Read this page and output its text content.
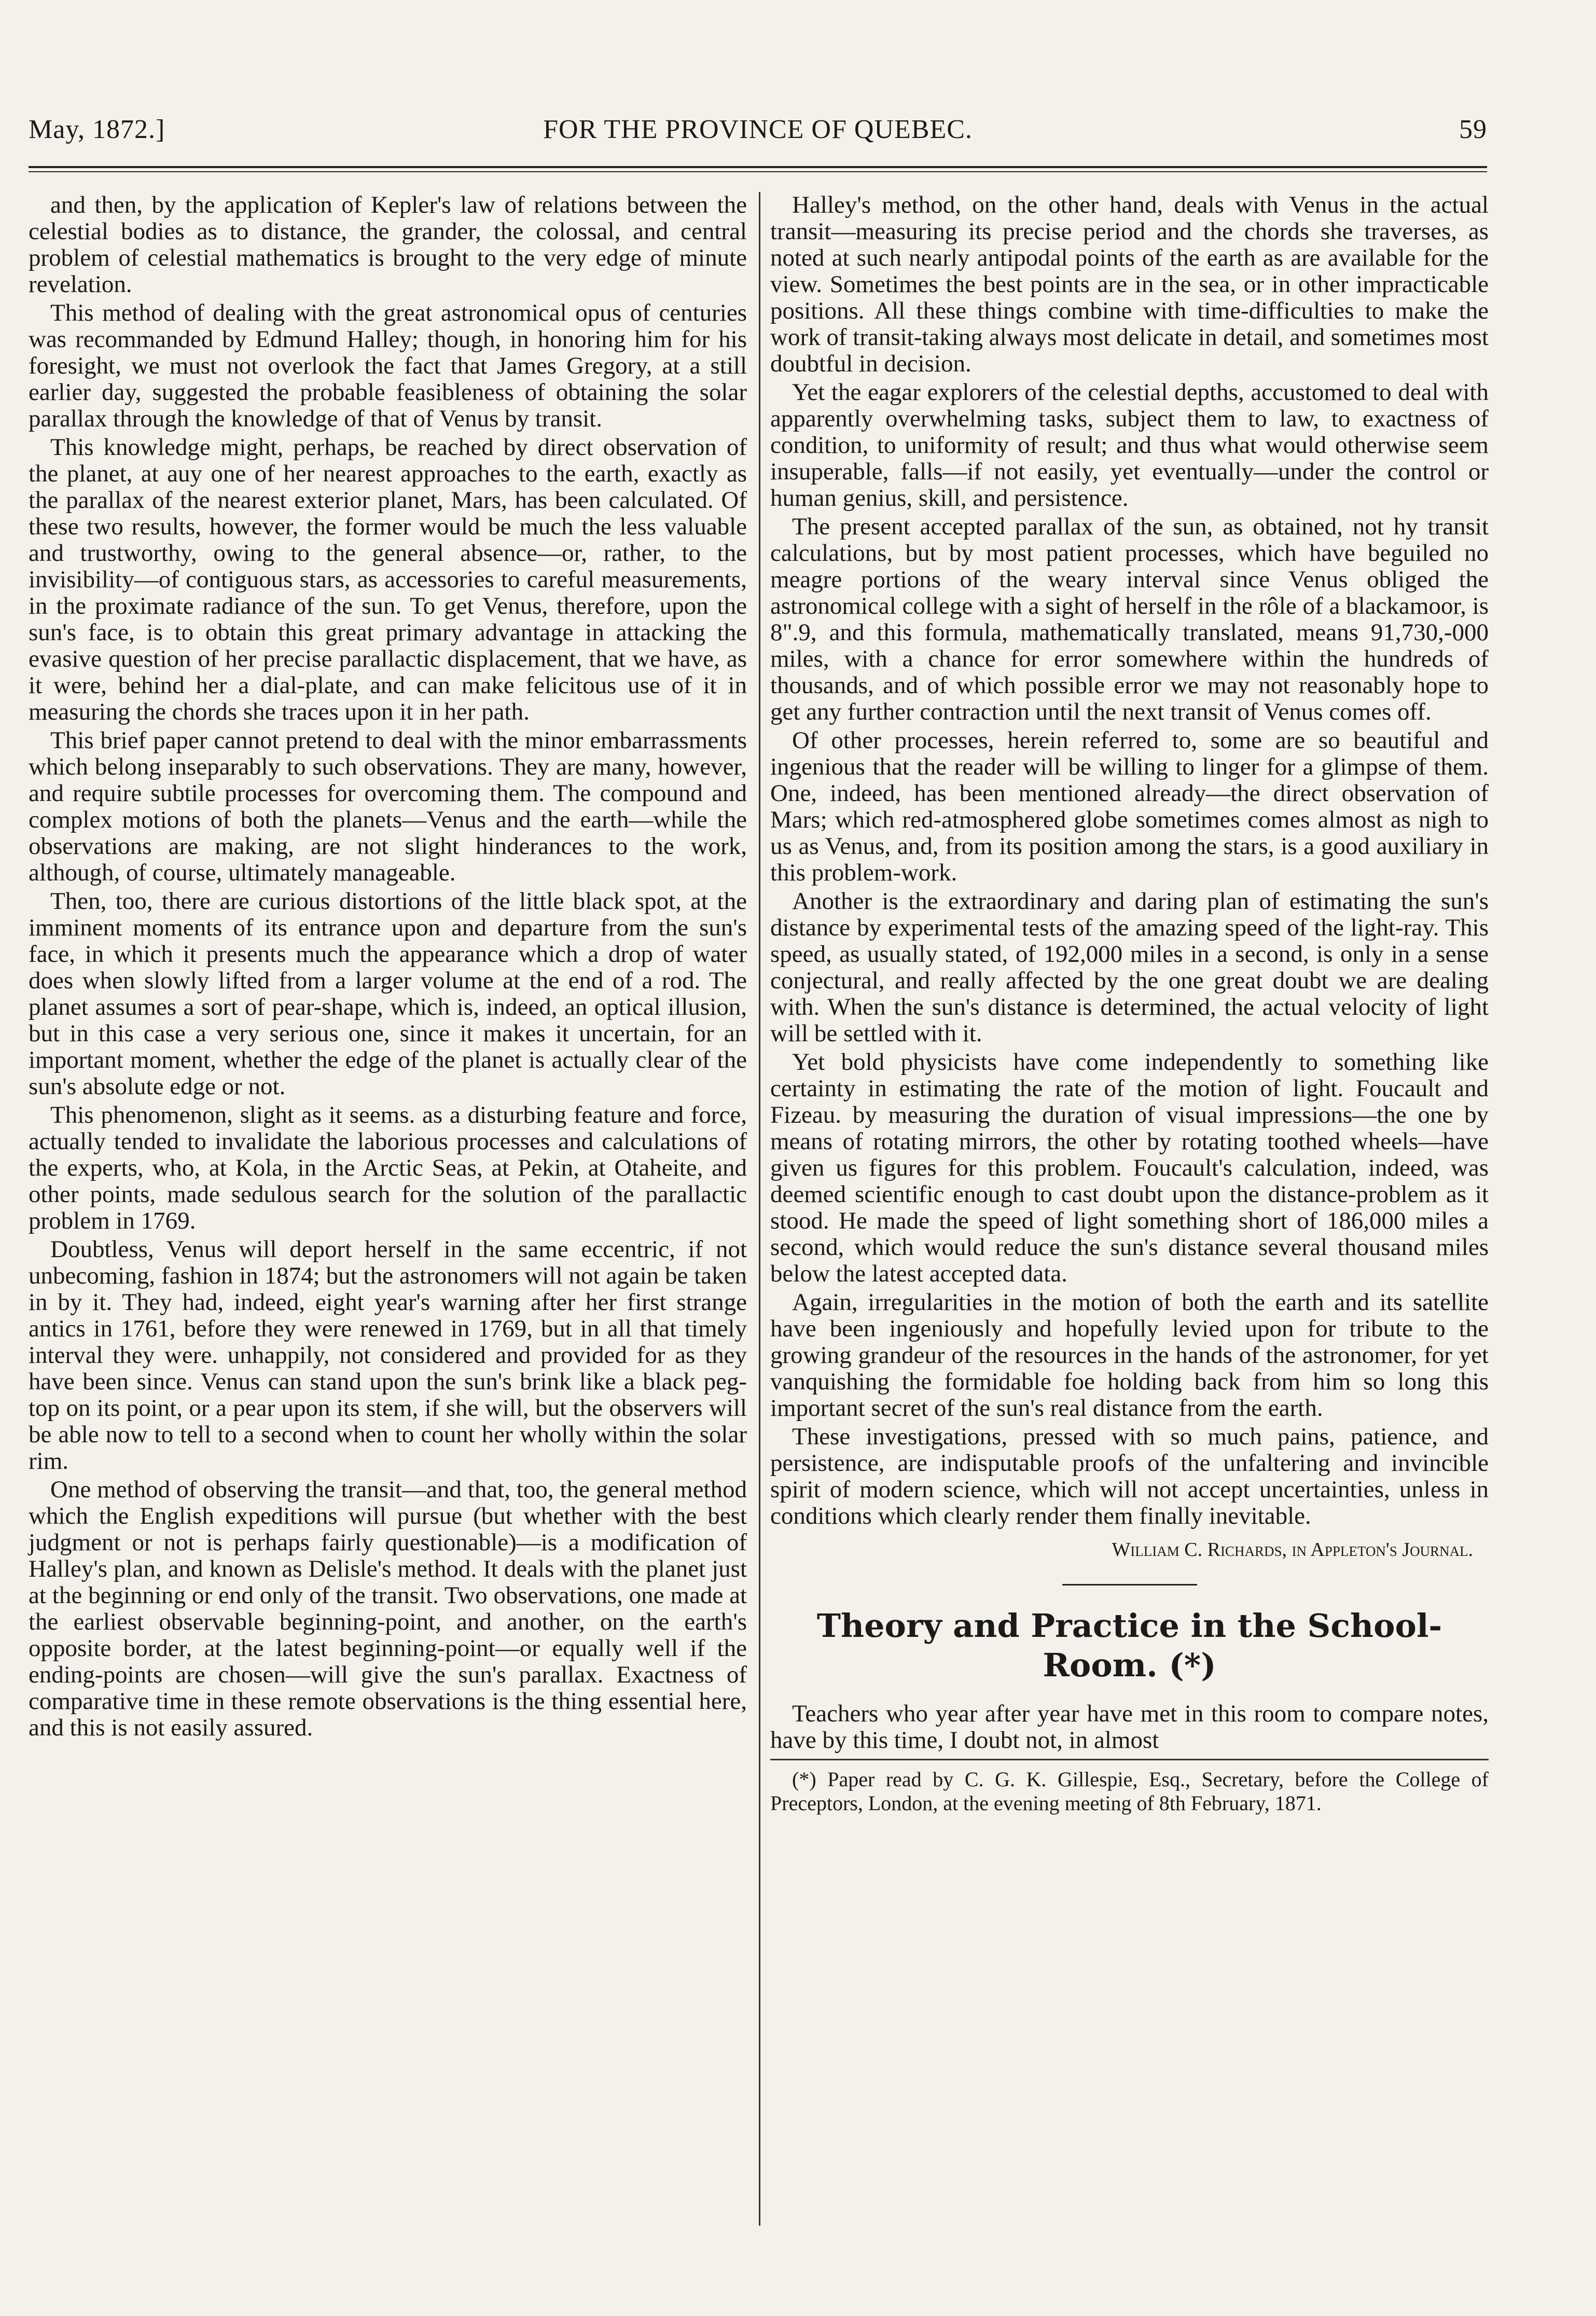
May, 1872.]	FOR THE PROVINCE OF QUEBEC.	59

and then, by the application of Kepler's law of relations between the celestial bodies as to distance, the grander, the colossal, and central problem of celestial mathematics is brought to the very edge of minute revelation.

This method of dealing with the great astronomical opus of centuries was recommanded by Edmund Halley; though, in honoring him for his foresight, we must not overlook the fact that James Gregory, at a still earlier day, suggested the probable feasibleness of obtaining the solar parallax through the knowledge of that of Venus by transit.

This knowledge might, perhaps, be reached by direct observation of the planet, at auy one of her nearest approaches to the earth, exactly as the parallax of the nearest exterior planet, Mars, has been calculated. Of these two results, however, the former would be much the less valuable and trustworthy, owing to the general absence—or, rather, to the invisibility—of contiguous stars, as accessories to careful measurements, in the proximate radiance of the sun. To get Venus, therefore, upon the sun's face, is to obtain this great primary advantage in attacking the evasive question of her precise parallactic displacement, that we have, as it were, behind her a dial-plate, and can make felicitous use of it in measuring the chords she traces upon it in her path.

This brief paper cannot pretend to deal with the minor embarrassments which belong inseparably to such observations. They are many, however, and require subtile processes for overcoming them. The compound and complex motions of both the planets—Venus and the earth—while the observations are making, are not slight hinderances to the work, although, of course, ultimately manageable.

Then, too, there are curious distortions of the little black spot, at the imminent moments of its entrance upon and departure from the sun's face, in which it presents much the appearance which a drop of water does when slowly lifted from a larger volume at the end of a rod. The planet assumes a sort of pear-shape, which is, indeed, an optical illusion, but in this case a very serious one, since it makes it uncertain, for an important moment, whether the edge of the planet is actually clear of the sun's absolute edge or not.

This phenomenon, slight as it seems. as a disturbing feature and force, actually tended to invalidate the laborious processes and calculations of the experts, who, at Kola, in the Arctic Seas, at Pekin, at Otaheite, and other points, made sedulous search for the solution of the parallactic problem in 1769.

Doubtless, Venus will deport herself in the same eccentric, if not unbecoming, fashion in 1874; but the astronomers will not again be taken in by it. They had, indeed, eight year's warning after her first strange antics in 1761, before they were renewed in 1769, but in all that timely interval they were. unhappily, not considered and provided for as they have been since. Venus can stand upon the sun's brink like a black peg-top on its point, or a pear upon its stem, if she will, but the observers will be able now to tell to a second when to count her wholly within the solar rim.

One method of observing the transit—and that, too, the general method which the English expeditions will pursue (but whether with the best judgment or not is perhaps fairly questionable)—is a modification of Halley's plan, and known as Delisle's method. It deals with the planet just at the beginning or end only of the transit. Two observations, one made at the earliest observable beginning-point, and another, on the earth's opposite border, at the latest beginning-point—or equally well if the ending-points are chosen—will give the sun's parallax. Exactness of comparative time in these remote observations is the thing essential here, and this is not easily assured.

Halley's method, on the other hand, deals with Venus in the actual transit—measuring its precise period and the chords she traverses, as noted at such nearly antipodal points of the earth as are available for the view. Sometimes the best points are in the sea, or in other impracticable positions. All these things combine with time-difficulties to make the work of transit-taking always most delicate in detail, and sometimes most doubtful in decision.

Yet the eagar explorers of the celestial depths, accustomed to deal with apparently overwhelming tasks, subject them to law, to exactness of condition, to uniformity of result; and thus what would otherwise seem insuperable, falls—if not easily, yet eventually—under the control or human genius, skill, and persistence.

The present accepted parallax of the sun, as obtained, not hy transit calculations, but by most patient processes, which have beguiled no meagre portions of the weary interval since Venus obliged the astronomical college with a sight of herself in the rôle of a blackamoor, is 8".9, and this formula, mathematically translated, means 91,730,-000 miles, with a chance for error somewhere within the hundreds of thousands, and of which possible error we may not reasonably hope to get any further contraction until the next transit of Venus comes off.

Of other processes, herein referred to, some are so beautiful and ingenious that the reader will be willing to linger for a glimpse of them. One, indeed, has been mentioned already—the direct observation of Mars; which red-atmosphered globe sometimes comes almost as nigh to us as Venus, and, from its position among the stars, is a good auxiliary in this problem-work.

Another is the extraordinary and daring plan of estimating the sun's distance by experimental tests of the amazing speed of the light-ray. This speed, as usually stated, of 192,000 miles in a second, is only in a sense conjectural, and really affected by the one great doubt we are dealing with. When the sun's distance is determined, the actual velocity of light will be settled with it.

Yet bold physicists have come independently to something like certainty in estimating the rate of the motion of light. Foucault and Fizeau. by measuring the duration of visual impressions—the one by means of rotating mirrors, the other by rotating toothed wheels—have given us figures for this problem. Foucault's calculation, indeed, was deemed scientific enough to cast doubt upon the distance-problem as it stood. He made the speed of light something short of 186,000 miles a second, which would reduce the sun's distance several thousand miles below the latest accepted data.

Again, irregularities in the motion of both the earth and its satellite have been ingeniously and hopefully levied upon for tribute to the growing grandeur of the resources in the hands of the astronomer, for yet vanquishing the formidable foe holding back from him so long this important secret of the sun's real distance from the earth.

These investigations, pressed with so much pains, patience, and persistence, are indisputable proofs of the unfaltering and invincible spirit of modern science, which will not accept uncertainties, unless in conditions which clearly render them finally inevitable.

William C. Richards, in Appleton's Journal.
Theory and Practice in the School-Room. (*)

Teachers who year after year have met in this room to compare notes, have by this time, I doubt not, in almost

(*) Paper read by C. G. K. Gillespie, Esq., Secretary, before the College of Preceptors, London, at the evening meeting of 8th February, 1871.
